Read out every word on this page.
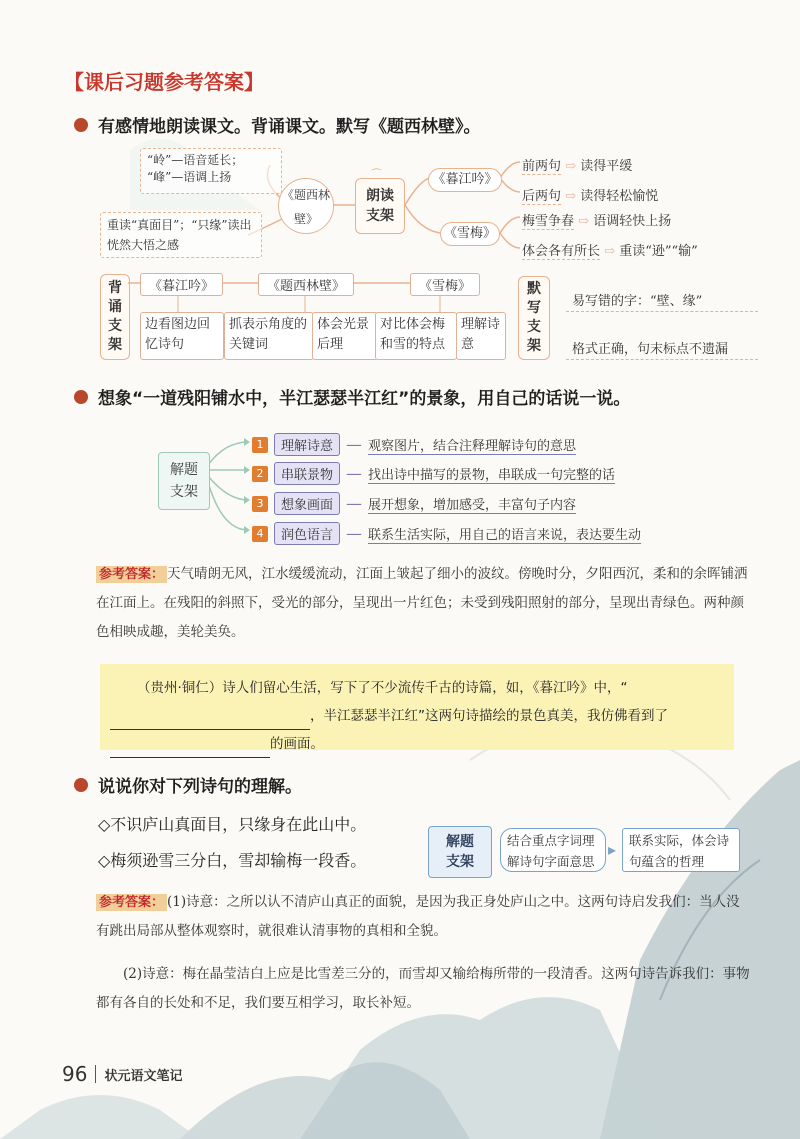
【课后习题参考答案】
有感情地朗读课文。背诵课文。默写《题西林壁》。
“岭”—语音延长；
“峰”—语调上扬
重读“真面目”；“只缘”读出恍然大悟之感
《题西林壁》
朗读支架
⌒	《暮江吟》
《雪梅》
前两句 ⇨ 读得平缓
后两句 ⇨ 读得轻松愉悦
梅雪争春 ⇨ 语调轻快上扬
体会各有所长 ⇨ 重读“逊”“输”
背诵支架
《暮江吟》	《题西林壁》	《雪梅》
边看图边回忆诗句
抓表示角度的关键词
体会光景后理
对比体会梅和雪的特点
理解诗意
默写支架
易写错的字：“壁、缘”
格式正确，句末标点不遗漏
想象“一道残阳铺水中，半江瑟瑟半江红”的景象，用自己的话说一说。
解题支架
1	理解诗意 — 观察图片，结合注释理解诗句的意思
2	串联景物 — 找出诗中描写的景物，串联成一句完整的话
3	想象画面 — 展开想象，增加感受，丰富句子内容
4	润色语言 — 联系生活实际，用自己的语言来说，表达要生动
参考答案： 天气晴朗无风，江水缓缓流动，江面上皱起了细小的波纹。傍晚时分，夕阳西沉，柔和的余晖铺洒在江面上。在残阳的斜照下，受光的部分，呈现出一片红色；未受到残阳照射的部分，呈现出青绿色。两种颜色相映成趣，美轮美奂。
（贵州·铜仁）诗人们留心生活，写下了不少流传千古的诗篇，如，《暮江吟》中，“，半江瑟瑟半江红”这两句诗描绘的景色真美，我仿佛看到了的画面。
说说你对下列诗句的理解。
◇不识庐山真面目，只缘身在此山中。
◇梅须逊雪三分白，雪却输梅一段香。
解题支架
结合重点字词理解诗句字面意思
▸	联系实际，体会诗句蕴含的哲理
参考答案： (1)诗意：之所以认不清庐山真正的面貌，是因为我正身处庐山之中。这两句诗启发我们：当人没有跳出局部从整体观察时，就很难认清事物的真相和全貌。
(2)诗意：梅在晶莹洁白上应是比雪差三分的，而雪却又输给梅所带的一段清香。这两句诗告诉我们：事物都有各自的长处和不足，我们要互相学习，取长补短。
96 状元语文笔记
